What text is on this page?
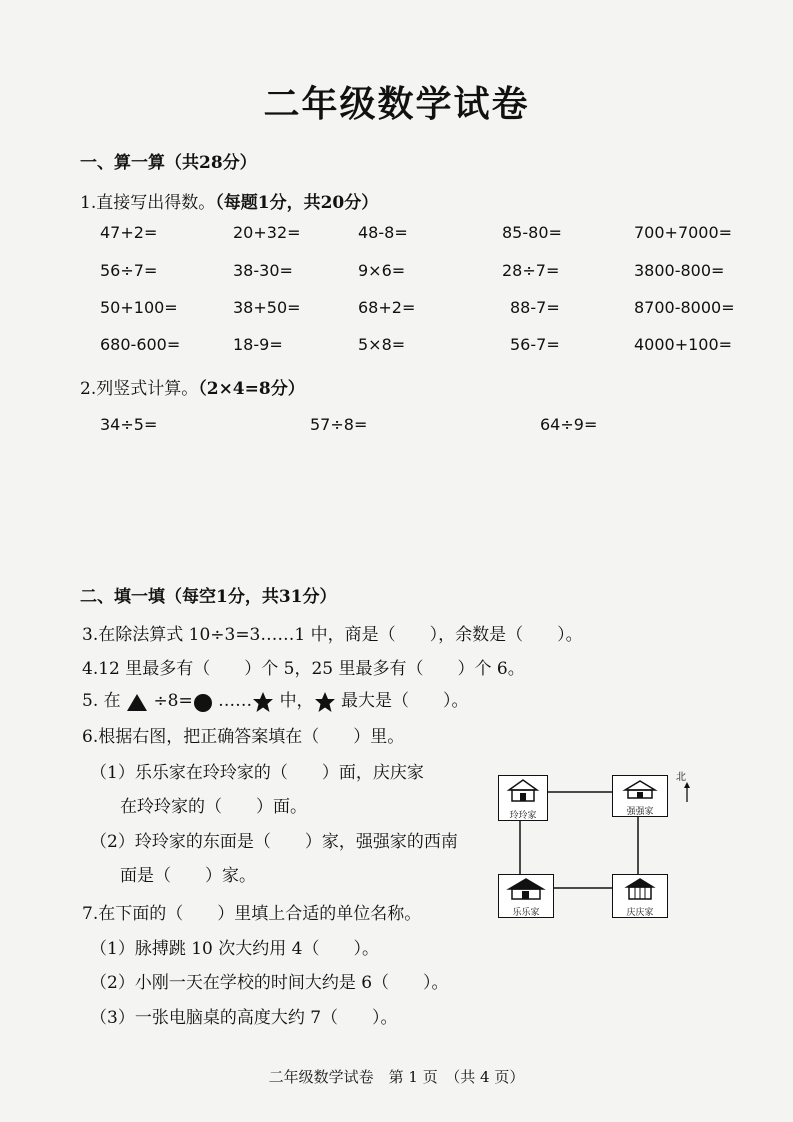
二年级数学试卷
一、算一算（共28分）
1.直接写出得数。（每题1分，共20分）
47+2=	20+32=	48-8=	85-80=	700+7000=
56÷7=	38-30=	9×6=	28÷7=	3800-800=
50+100=	38+50=	68+2=	88-7=	8700-8000=
680-600=	18-9=	5×8=	56-7=	4000+100=
2.列竖式计算。（2×4=8分）
34÷5=	57÷8=	64÷9=
二、填一填（每空1分，共31分）
3.在除法算式 10÷3=3……1 中，商是（　　），余数是（　　）。
4.12 里最多有（　　）个 5，25 里最多有（　　）个 6。
5. 在 ÷8= …… 中， 最大是（　　）。
6.根据右图，把正确答案填在（　　）里。
（1）乐乐家在玲玲家的（　　）面，庆庆家
在玲玲家的（　　）面。
（2）玲玲家的东面是（　　）家，强强家的西南
面是（　　）家。
7.在下面的（　　）里填上合适的单位名称。
（1）脉搏跳 10 次大约用 4（　　）。
（2）小刚一天在学校的时间大约是 6（　　）。
（3）一张电脑桌的高度大约 7（　　）。
玲玲家	强强家
乐乐家	庆庆家
北
二年级数学试卷　第 1 页　（共 4 页）
